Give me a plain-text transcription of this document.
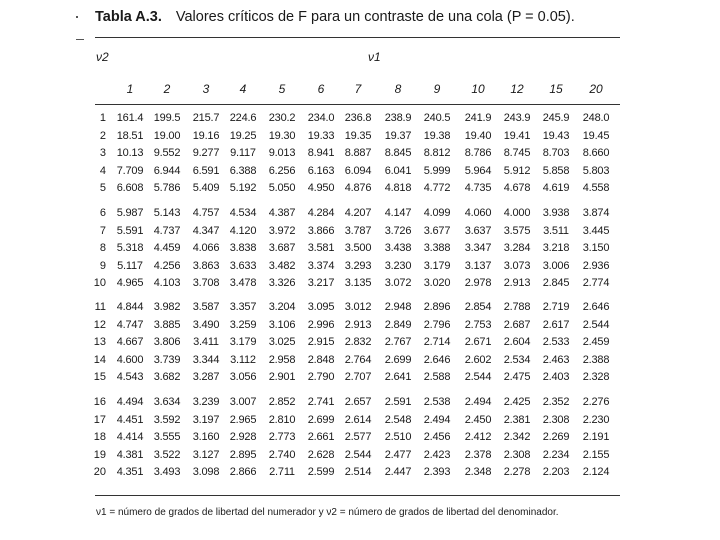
Tabla A.3. Valores críticos de F para un contraste de una cola (P = 0.05).
ν2	ν1
1	2	3	4	5	6	7	8	9	10	12	15	20
1 161.4 199.5	215.7 224.6	230.2	234.0 236.8	238.9	240.5	241.9	243.9	245.9	248.0
2 18.51 19.00	19.16 19.25	19.30	19.33 19.35	19.37	19.38	19.40	19.41	19.43	19.45
3 10.13 9.552	9.277 9.117	9.013	8.941 8.887	8.845	8.812	8.786	8.745	8.703	8.660
4 7.709 6.944	6.591 6.388	6.256	6.163 6.094	6.041	5.999	5.964	5.912	5.858	5.803
5 6.608 5.786	5.409 5.192	5.050	4.950 4.876	4.818	4.772	4.735	4.678	4.619	4.558
6 5.987 5.143	4.757 4.534	4.387	4.284 4.207	4.147	4.099	4.060	4.000	3.938	3.874
7 5.591 4.737	4.347 4.120	3.972	3.866 3.787	3.726	3.677	3.637	3.575	3.511	3.445
8 5.318 4.459	4.066 3.838	3.687	3.581 3.500	3.438	3.388	3.347	3.284	3.218	3.150
9	5.117 4.256	3.863 3.633	3.482	3.374 3.293	3.230	3.179	3.137	3.073	3.006	2.936
10 4.965 4.103	3.708 3.478	3.326	3.217 3.135	3.072	3.020	2.978	2.913	2.845	2.774
11 4.844 3.982	3.587 3.357	3.204	3.095 3.012	2.948	2.896	2.854	2.788	2.719	2.646
12 4.747 3.885	3.490 3.259	3.106	2.996 2.913	2.849	2.796	2.753	2.687	2.617	2.544
13 4.667 3.806	3.411 3.179	3.025	2.915 2.832	2.767	2.714	2.671	2.604	2.533	2.459
14 4.600 3.739	3.344 3.112	2.958	2.848 2.764	2.699	2.646	2.602	2.534	2.463	2.388
15 4.543 3.682	3.287 3.056	2.901	2.790 2.707	2.641	2.588	2.544	2.475	2.403	2.328
16 4.494 3.634	3.239 3.007	2.852	2.741 2.657	2.591	2.538	2.494	2.425	2.352	2.276
17 4.451 3.592	3.197 2.965	2.810	2.699 2.614	2.548	2.494	2.450	2.381	2.308	2.230
18 4.414 3.555	3.160 2.928	2.773	2.661 2.577	2.510	2.456	2.412	2.342	2.269	2.191
19 4.381 3.522	3.127 2.895	2.740	2.628 2.544	2.477	2.423	2.378	2.308	2.234	2.155
20 4.351 3.493	3.098 2.866	2.711	2.599 2.514	2.447	2.393	2.348	2.278	2.203	2.124
ν1 = número de grados de libertad del numerador y ν2 = número de grados de libertad del denominador.
